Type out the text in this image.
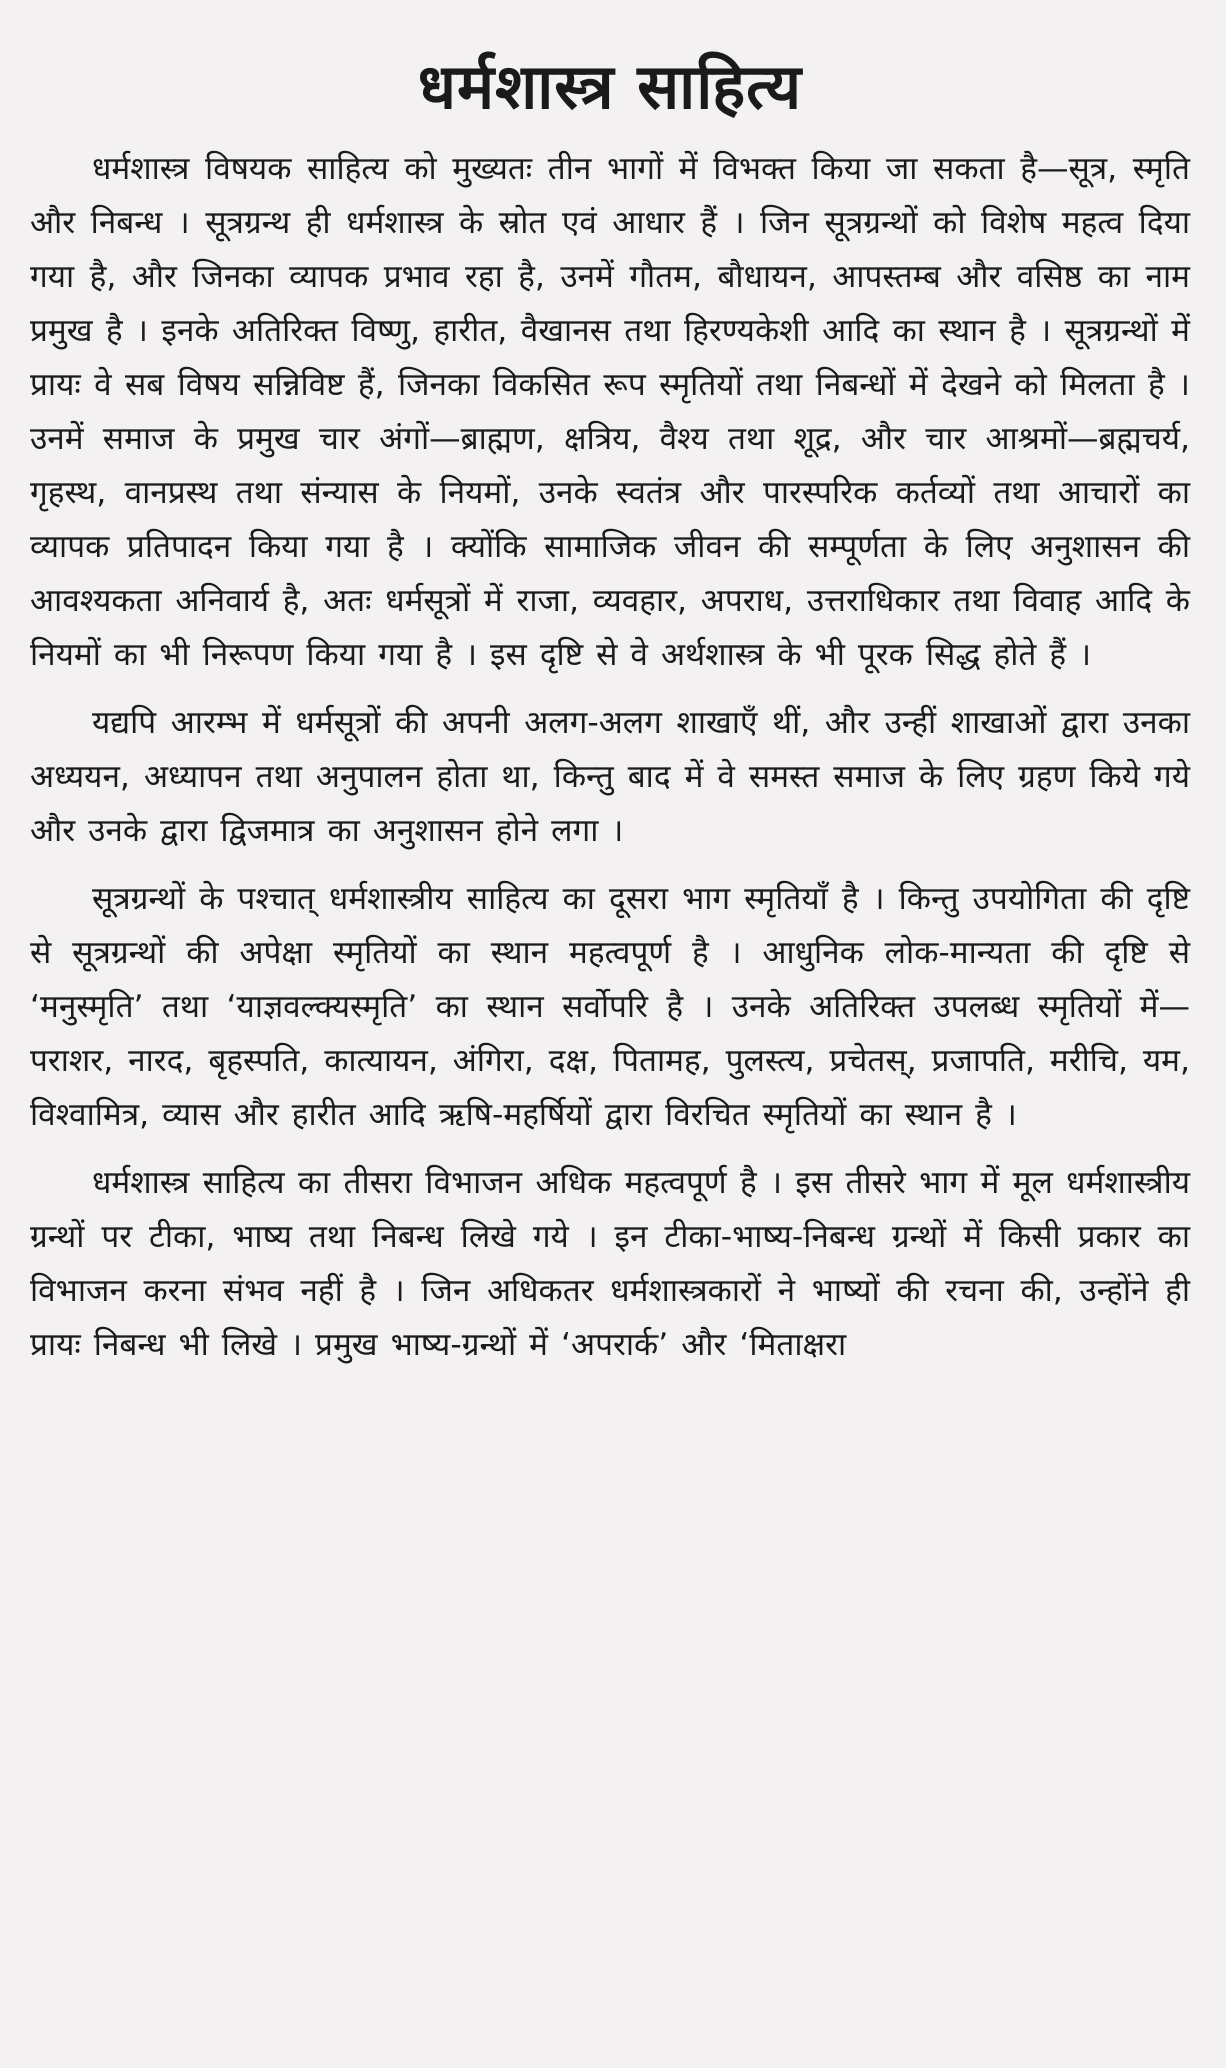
धर्मशास्त्र साहित्य

धर्मशास्त्र विषयक साहित्य को मुख्यतः तीन भागों में विभक्त किया जा सकता है—सूत्र, स्मृति और निबन्ध । सूत्रग्रन्थ ही धर्मशास्त्र के स्रोत एवं आधार हैं । जिन सूत्रग्रन्थों को विशेष महत्व दिया गया है, और जिनका व्यापक प्रभाव रहा है, उनमें गौतम, बौधायन, आपस्तम्ब और वसिष्ठ का नाम प्रमुख है । इनके अतिरिक्त विष्णु, हारीत, वैखानस तथा हिरण्यकेशी आदि का स्थान है । सूत्रग्रन्थों में प्रायः वे सब विषय सन्निविष्ट हैं, जिनका विकसित रूप स्मृतियों तथा निबन्धों में देखने को मिलता है । उनमें समाज के प्रमुख चार अंगों—ब्राह्मण, क्षत्रिय, वैश्य तथा शूद्र, और चार आश्रमों—ब्रह्मचर्य, गृहस्थ, वानप्रस्थ तथा संन्यास के नियमों, उनके स्वतंत्र और पारस्परिक कर्तव्यों तथा आचारों का व्यापक प्रतिपादन किया गया है । क्योंकि सामाजिक जीवन की सम्पूर्णता के लिए अनुशासन की आवश्यकता अनिवार्य है, अतः धर्मसूत्रों में राजा, व्यवहार, अपराध, उत्तराधिकार तथा विवाह आदि के नियमों का भी निरूपण किया गया है । इस दृष्टि से वे अर्थशास्त्र के भी पूरक सिद्ध होते हैं ।

यद्यपि आरम्भ में धर्मसूत्रों की अपनी अलग-अलग शाखाएँ थीं, और उन्हीं शाखाओं द्वारा उनका अध्ययन, अध्यापन तथा अनुपालन होता था, किन्तु बाद में वे समस्त समाज के लिए ग्रहण किये गये और उनके द्वारा द्विजमात्र का अनुशासन होने लगा ।

सूत्रग्रन्थों के पश्चात् धर्मशास्त्रीय साहित्य का दूसरा भाग स्मृतियाँ है । किन्तु उपयोगिता की दृष्टि से सूत्रग्रन्थों की अपेक्षा स्मृतियों का स्थान महत्वपूर्ण है । आधुनिक लोक-मान्यता की दृष्टि से ‘मनुस्मृति’ तथा ‘याज्ञवल्क्यस्मृति’ का स्थान सर्वोपरि है । उनके अतिरिक्त उपलब्ध स्मृतियों में—पराशर, नारद, बृहस्पति, कात्यायन, अंगिरा, दक्ष, पितामह, पुलस्त्य, प्रचेतस्, प्रजापति, मरीचि, यम, विश्वामित्र, व्यास और हारीत आदि ऋषि-महर्षियों द्वारा विरचित स्मृतियों का स्थान है ।

धर्मशास्त्र साहित्य का तीसरा विभाजन अधिक महत्वपूर्ण है । इस तीसरे भाग में मूल धर्मशास्त्रीय ग्रन्थों पर टीका, भाष्य तथा निबन्ध लिखे गये । इन टीका-भाष्य-निबन्ध ग्रन्थों में किसी प्रकार का विभाजन करना संभव नहीं है । जिन अधिकतर धर्मशास्त्रकारों ने भाष्यों की रचना की, उन्होंने ही प्रायः निबन्ध भी लिखे । प्रमुख भाष्य-ग्रन्थों में ‘अपरार्क’ और ‘मिताक्षरा
